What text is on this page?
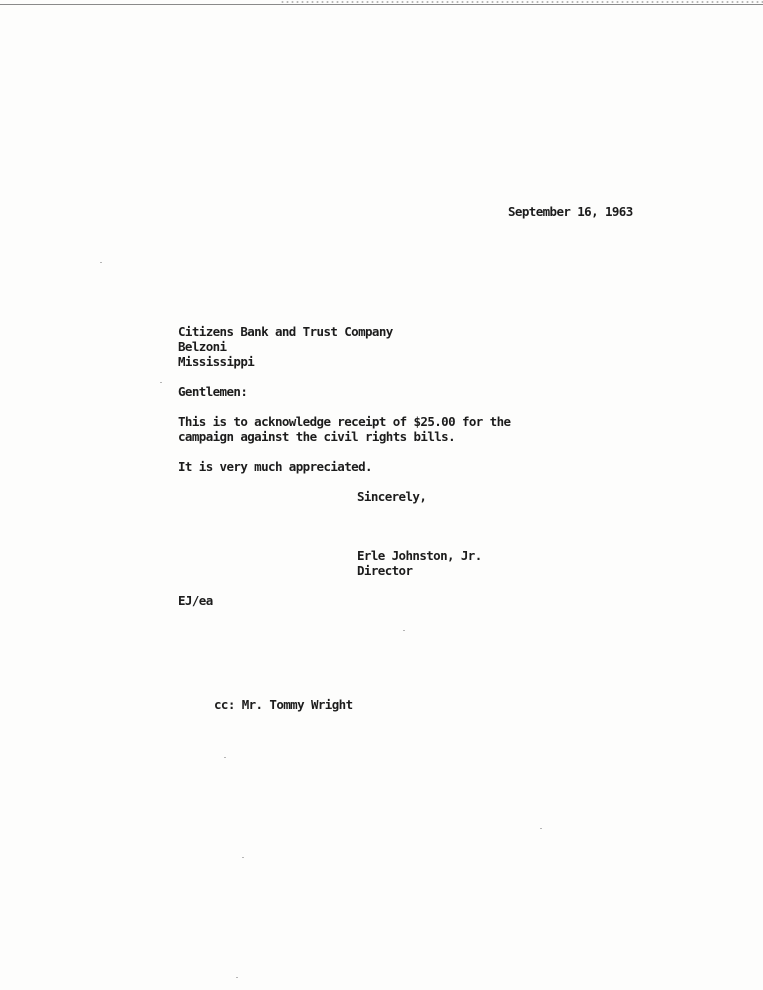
September 16, 1963
Citizens Bank and Trust Company
Belzoni
Mississippi
Gentlemen:
This is to acknowledge receipt of $25.00 for the
campaign against the civil rights bills.
It is very much appreciated.
Sincerely,
Erle Johnston, Jr.
Director
EJ/ea
cc: Mr. Tommy Wright
